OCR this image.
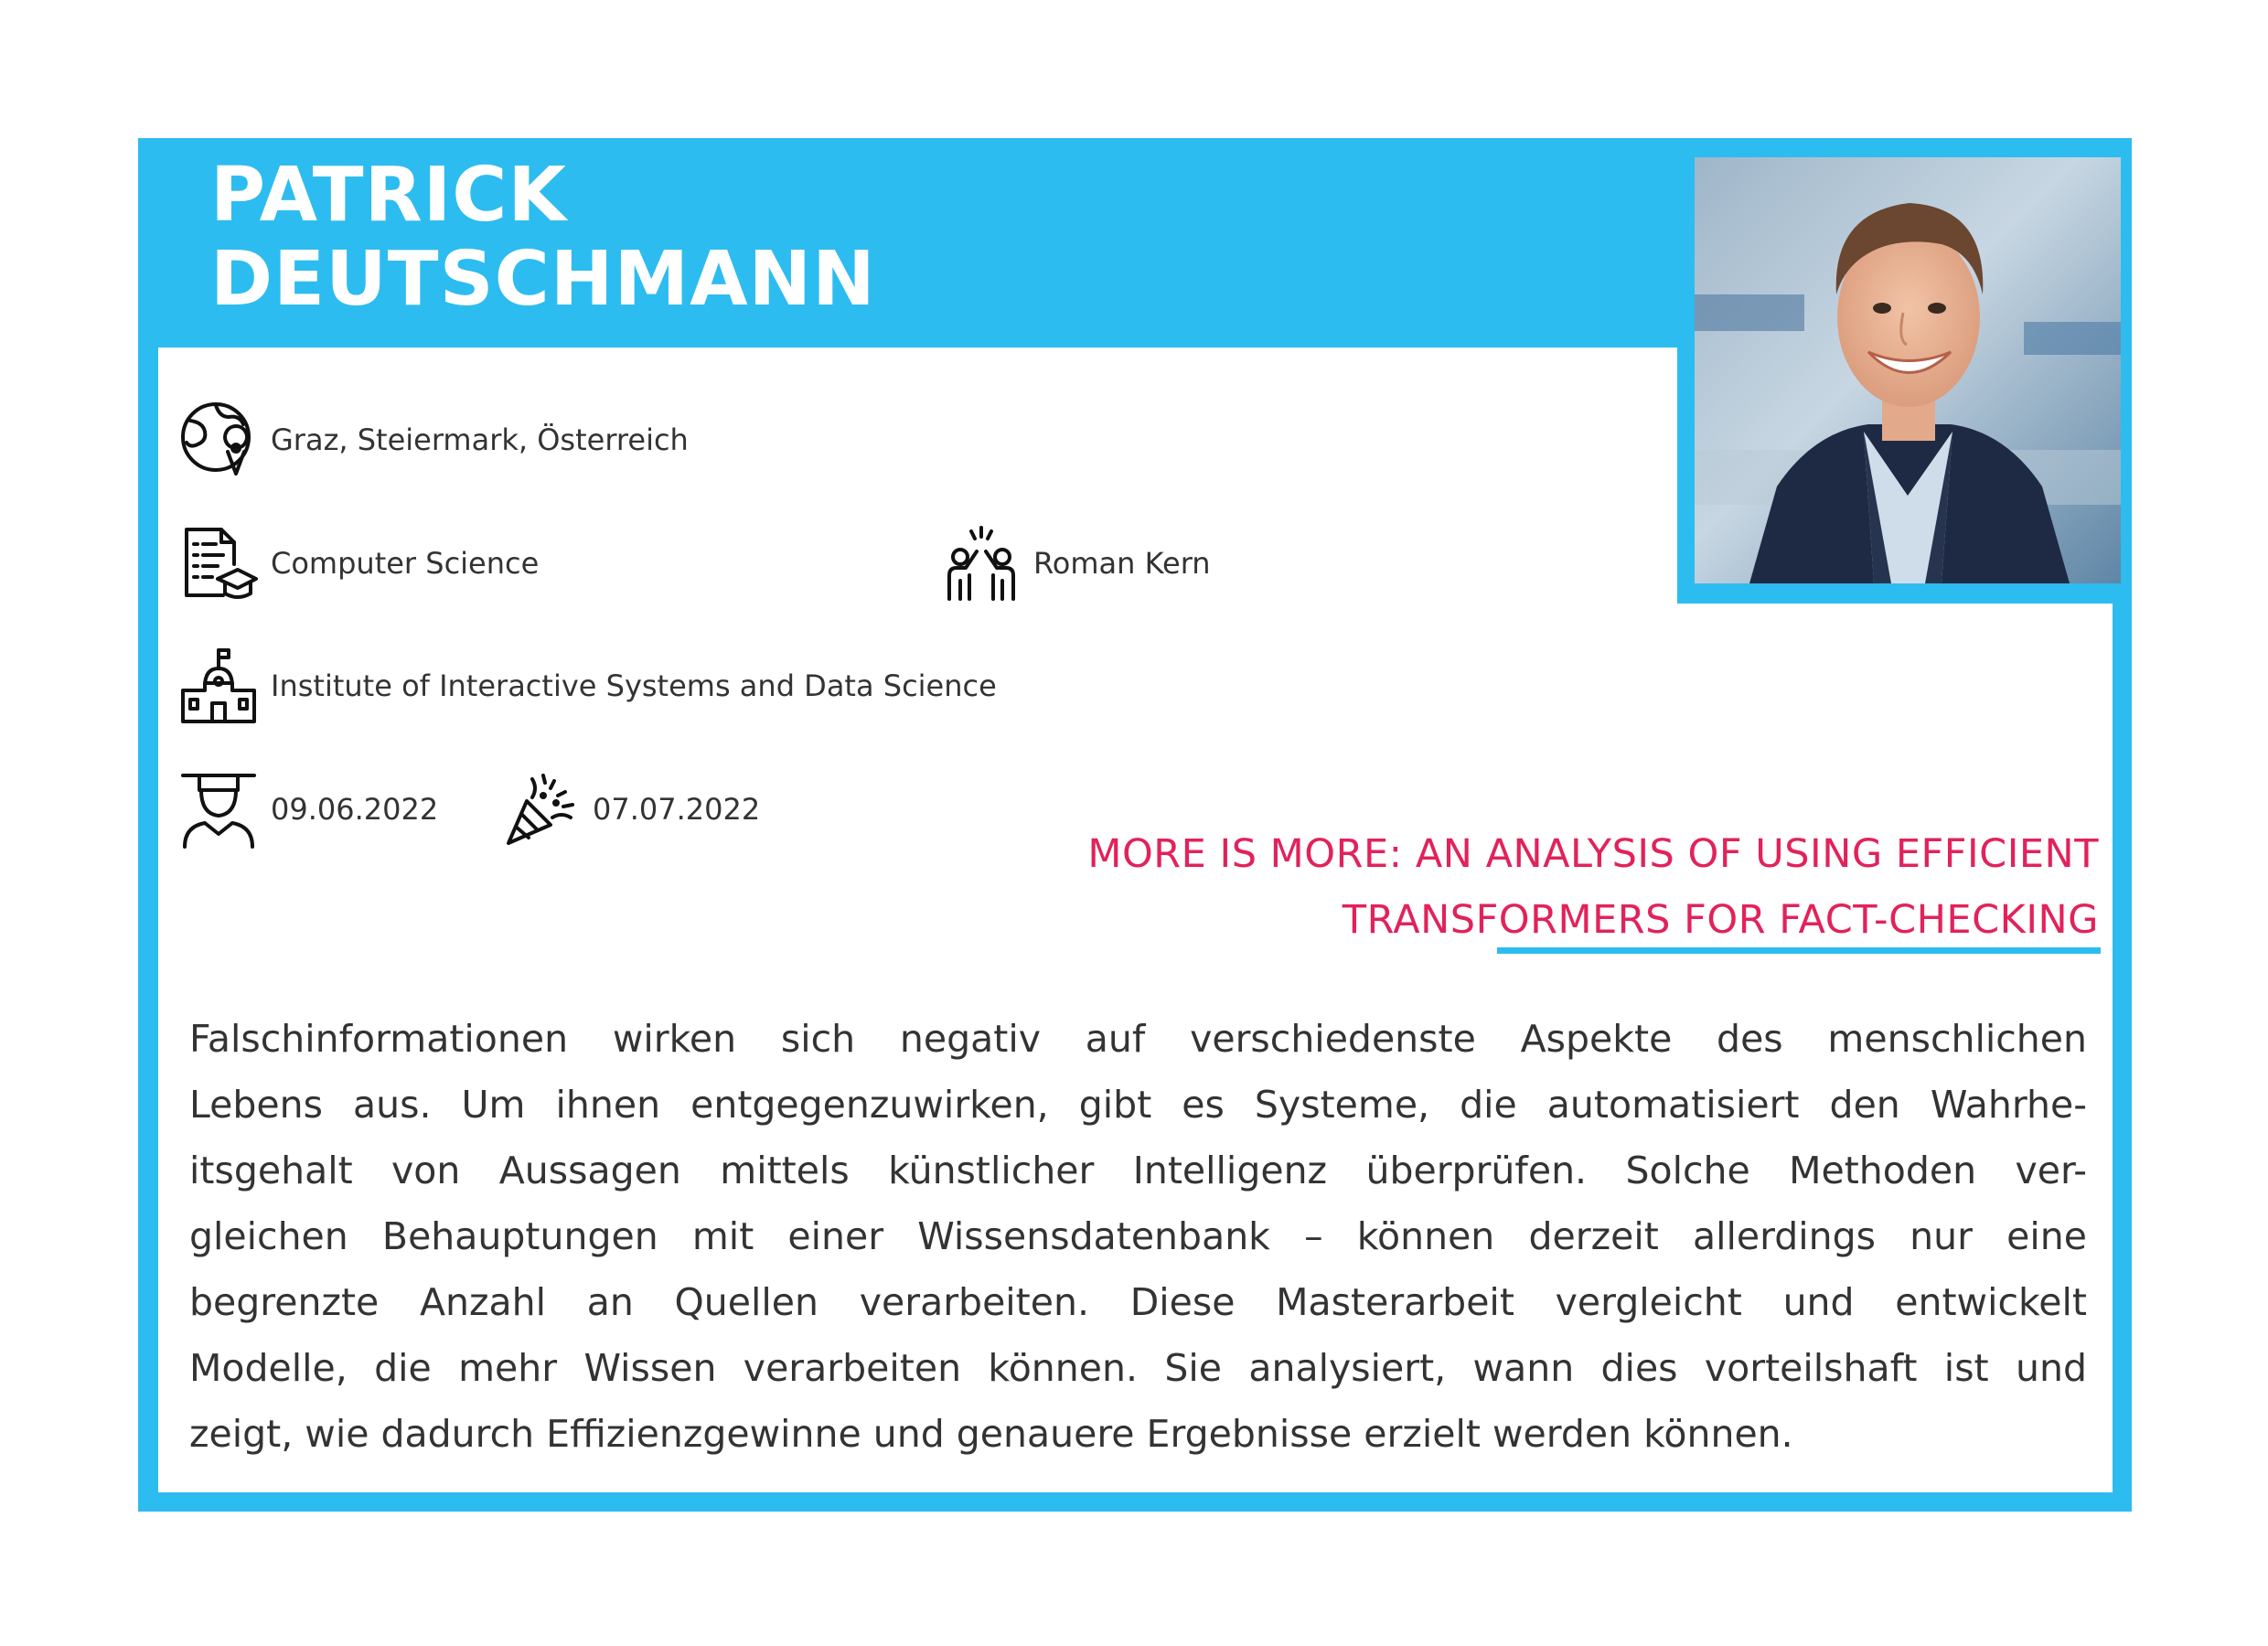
PATRICK
DEUTSCHMANN
Graz, Steiermark, Österreich
Computer Science	Roman Kern
Institute of Interactive Systems and Data Science
09.06.2022	07.07.2022
MORE IS MORE: AN ANALYSIS OF USING EFFICIENT
TRANSFORMERS FOR FACT-CHECKING

Falschinformationen wirken sich negativ auf verschiedenste Aspekte des menschlichen
Lebens aus. Um ihnen entgegenzuwirken, gibt es Systeme, die automatisiert den Wahrhe-
itsgehalt von Aussagen mittels künstlicher Intelligenz überprüfen. Solche Methoden ver-
gleichen Behauptungen mit einer Wissensdatenbank – können derzeit allerdings nur eine
begrenzte Anzahl an Quellen verarbeiten. Diese Masterarbeit vergleicht und entwickelt
Modelle, die mehr Wissen verarbeiten können. Sie analysiert, wann dies vorteilshaft ist und
zeigt, wie dadurch Effizienzgewinne und genauere Ergebnisse erzielt werden können.
